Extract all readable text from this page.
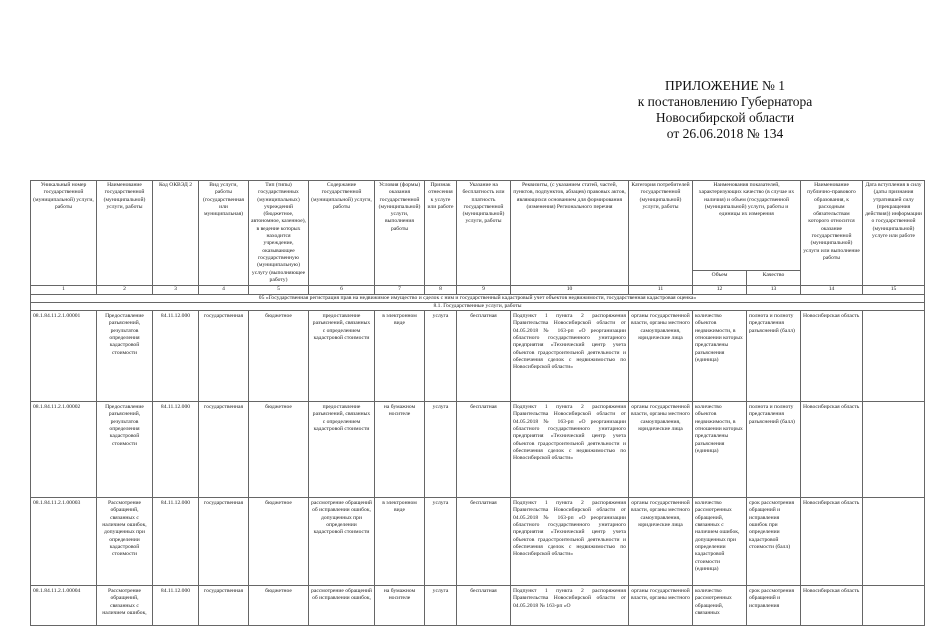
ПРИЛОЖЕНИЕ № 1
к постановлению Губернатора
Новосибирской области
от 26.06.2018 № 134
Уникальный номер государственной (муниципальной) услуги, работы	Наименование государственной (муниципальной) услуги, работы	Код ОКВЭД 2	Вид услуги, работы (государственная или муниципальная)	Тип (типы) государственных (муниципальных) учреждений (бюджетное, автономное, казенное), в ведение которых находится учреждение, оказывающее государственную (муниципальную) услугу (выполняющее работу)	Содержание государственной (муниципальной) услуги, работы	Условия (формы) оказания государственной (муниципальной) услуги, выполнения работы	Признак отнесения к услуге или работе	Указание на бесплатность или платность государственной (муниципальной) услуги, работы	Реквизиты, (с указанием статей, частей, пунктов, подпунктов, абзацев) правовых актов, являющихся основанием для формирования (изменения) Регионального перечня	Категория потребителей государственной (муниципальной) услуги, работы	Наименования показателей, характеризующих качество (в случае их наличия) и объем (государственной (муниципальной) услуги, работы и единицы их измерения		Наименование публично-правового образования, к расходным обязательствам которого относится оказание государственной (муниципальной) услуги или выполнение работы	Дата вступления в силу (даты признания утратившей силу (прекращения действия)) информации о государственной (муниципальной) услуге или работе
											Объем	Качество		
1	2	3	4	5	6	7	8	9	10	11	12	13	14	15
05 «Государственная регистрация прав на недвижимое имущество и сделок с ним и государственный кадастровый учет объектов недвижимости, государственная кадастровая оценка»														
8.1. Государственные услуги, работы														
08.1.84.11.2.1.00001	Предоставление разъяснений, результатов определения кадастровой стоимости	84.11.12.000	государственная	бюджетное	предоставление разъяснений, связанных с определением кадастровой стоимости	в электронном виде	услуга	бесплатная	Подпункт 1 пункта 2 распоряжения Правительства Новосибирской области от 04.05.2018 № 163-рп «О реорганизации областного государственного унитарного предприятия «Технический центр учета объектов градостроительной деятельности и обеспечения сделок с недвижимостью по Новосибирской области»	органы государственной власти, органы местного самоуправления, юридические лица	количество объектов недвижимости, в отношении которых представлены разъяснения (единица)	полнота и полноту представления разъяснений (балл)	Новосибирская область	
08.1.84.11.2.1.00002	Предоставление разъяснений, результатов определения кадастровой стоимости	84.11.12.000	государственная	бюджетное	предоставление разъяснений, связанных с определением кадастровой стоимости	на бумажном носителе	услуга	бесплатная	Подпункт 1 пункта 2 распоряжения Правительства Новосибирской области от 04.05.2018 № 163-рп «О реорганизации областного государственного унитарного предприятия «Технический центр учета объектов градостроительной деятельности и обеспечения сделок с недвижимостью по Новосибирской области»	органы государственной власти, органы местного самоуправления, юридические лица	количество объектов недвижимости, в отношении которых представлены разъяснения (единица)	полнота и полноту представления разъяснений (балл)	Новосибирская область	
08.1.84.11.2.1.00003	Рассмотрение обращений, связанных с наличием ошибок, допущенных при определении кадастровой стоимости	84.11.12.000	государственная	бюджетное	рассмотрение обращений об исправлении ошибок, допущенных при определении кадастровой стоимости	в электронном виде	услуга	бесплатная	Подпункт 1 пункта 2 распоряжения Правительства Новосибирской области от 04.05.2018 № 163-рп «О реорганизации областного государственного унитарного предприятия «Технический центр учета объектов градостроительной деятельности и обеспечения сделок с недвижимостью по Новосибирской области»	органы государственной власти, органы местного самоуправления, юридические лица	количество рассмотренных обращений, связанных с наличием ошибок, допущенных при определении кадастровой стоимости (единица)	срок рассмотрения обращений и исправления ошибок при определении кадастровой стоимости (балл)	Новосибирская область	
08.1.84.11.2.1.00004	Рассмотрение обращений, связанных с наличием ошибок,	84.11.12.000	государственная	бюджетное	рассмотрение обращений об исправлении ошибок,	на бумажном носителе	услуга	бесплатная	Подпункт 1 пункта 2 распоряжения Правительства Новосибирской области от 04.05.2018 № 163-рп «О	органы государственной власти, органы местного	количество рассмотренных обращений, связанных	срок рассмотрения обращений и исправления	Новосибирская область	
